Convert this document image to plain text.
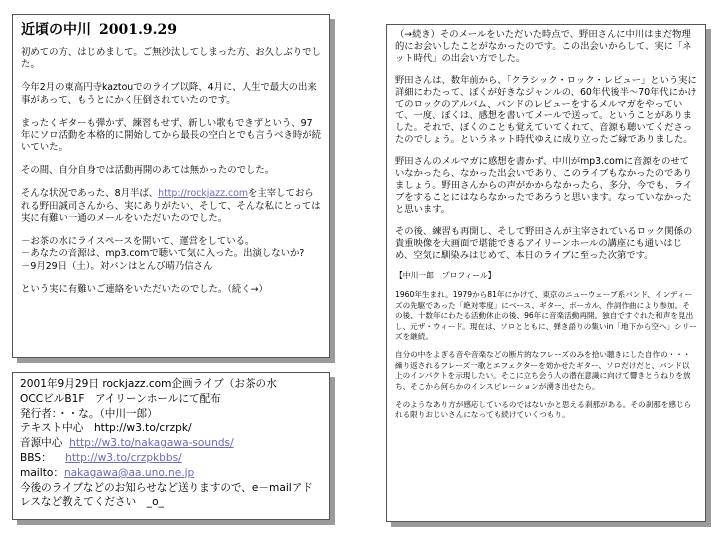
近頃の中川 2001.9.29
初めての方、はじめまして。ご無沙汰してしまった方、お久しぶりでした。
今年2月の東高円寺kaztouでのライブ以降、4月に、人生で最大の出来事があって、もうとにかく圧倒されていたのです。
まったくギターも弾かず、練習もせず、新しい歌もできずという、97年にソロ活動を本格的に開始してから最長の空白とでも言うべき時が続いていた。
その間、自分自身では活動再開のあては無かったのでした。
そんな状況であった、8月半ば、http://rockjazz.comを主宰しておられる野田誠司さんから、実にありがたい、そして、そんな私にとっては実に有難い一通のメールをいただいたのでした。
－お茶の水にライスペースを開いて、運営をしている。
－あなたの音源は、mp3.comで聴いて気に入った。出演しないか?
－9月29日（土）。対バンはとんび晴乃信さん
という実に有難いご連絡をいただいたのでした。（続く→）
2001年9月29日 rockjazz.com企画ライブ（お茶の水
OCCビルB1F　アイリーンホールにて配布
発行者：・・な。（中川一郎）
テキスト中心　http://w3.to/crzpk/
音源中心 http://w3.to/nakagawa-sounds/
BBS： http://w3.to/crzpkbbs/
mailto：nakagawa@aa.uno.ne.jp
今後のライブなどのお知らせなど送りますので、e－mailアドレスなど教えてください　_o_
（→続き）そのメールをいただいた時点で、野田さんに中川はまだ物理的にお会いしたことがなかったのです。この出会いからして、実に「ネット時代」の出会い方でした。
野田さんは、数年前から、「クラシック・ロック・レビュー」という実に詳細にわたって、ぼくが好きなジャンルの、60年代後半～70年代にかけてのロックのアルバム、バンドのレビューをするメルマガをやっていて、一度、ぼくは、感想を書いてメールで送って。ということがありました。それで、ぼくのことも覚えていてくれて、音源も聴いてくださったのでしょう。というネット時代ゆえに成り立ったご縁でありました。
野田さんのメルマガに感想を書かず、中川がmp3.comに音源をのせていなかったら、なかった出会いであり、このライブもなかったのでありましょう。野田さんからの声がかからなかったら、多分、今でも、ライブをすることにはならなかったであろうと思います。なっていなかったと思います。
その後、練習も再開し、そして野田さんが主宰されているロック関係の貴重映像を大画面で堪能できるアイリーンホールの講座にも通いはじめ、空気に馴染みはじめて、本日のライブに至った次第です。
【中川一郎　プロフィール】
1960年生まれ。1979から81年にかけて、東京のニューウェーブ系バンド、インディーズの先駆であった「絶対零度」にベース、ギター、ボーカル、作詞作曲により参加。その後、十数年にわたる活動休止の後、96年に音楽活動再開。独自ですぐれた和声を見出し、元ザ・ウィード。現在は、ソロとともに、弾き語りの集いin「地下から空へ」シリーズを継続。
自分の中をよぎる音や音楽などの断片的なフレーズのみを拾い聴きにした自作の・・・繰り返されるフレーズ一歌とエフェクターを効かせたギター、ソロだけだと、バンド以上のインパクトを示現したい。そこに立ち会う人の潜在意識に向けて響きとうねりを放ち、そこから何らかのインスピレーションが湧き出せたら。
そのようなあり方が感応しているのではないかと思える刹那がある。その刹那を感じられる限りおじいさんになっても続けていくつもり。
